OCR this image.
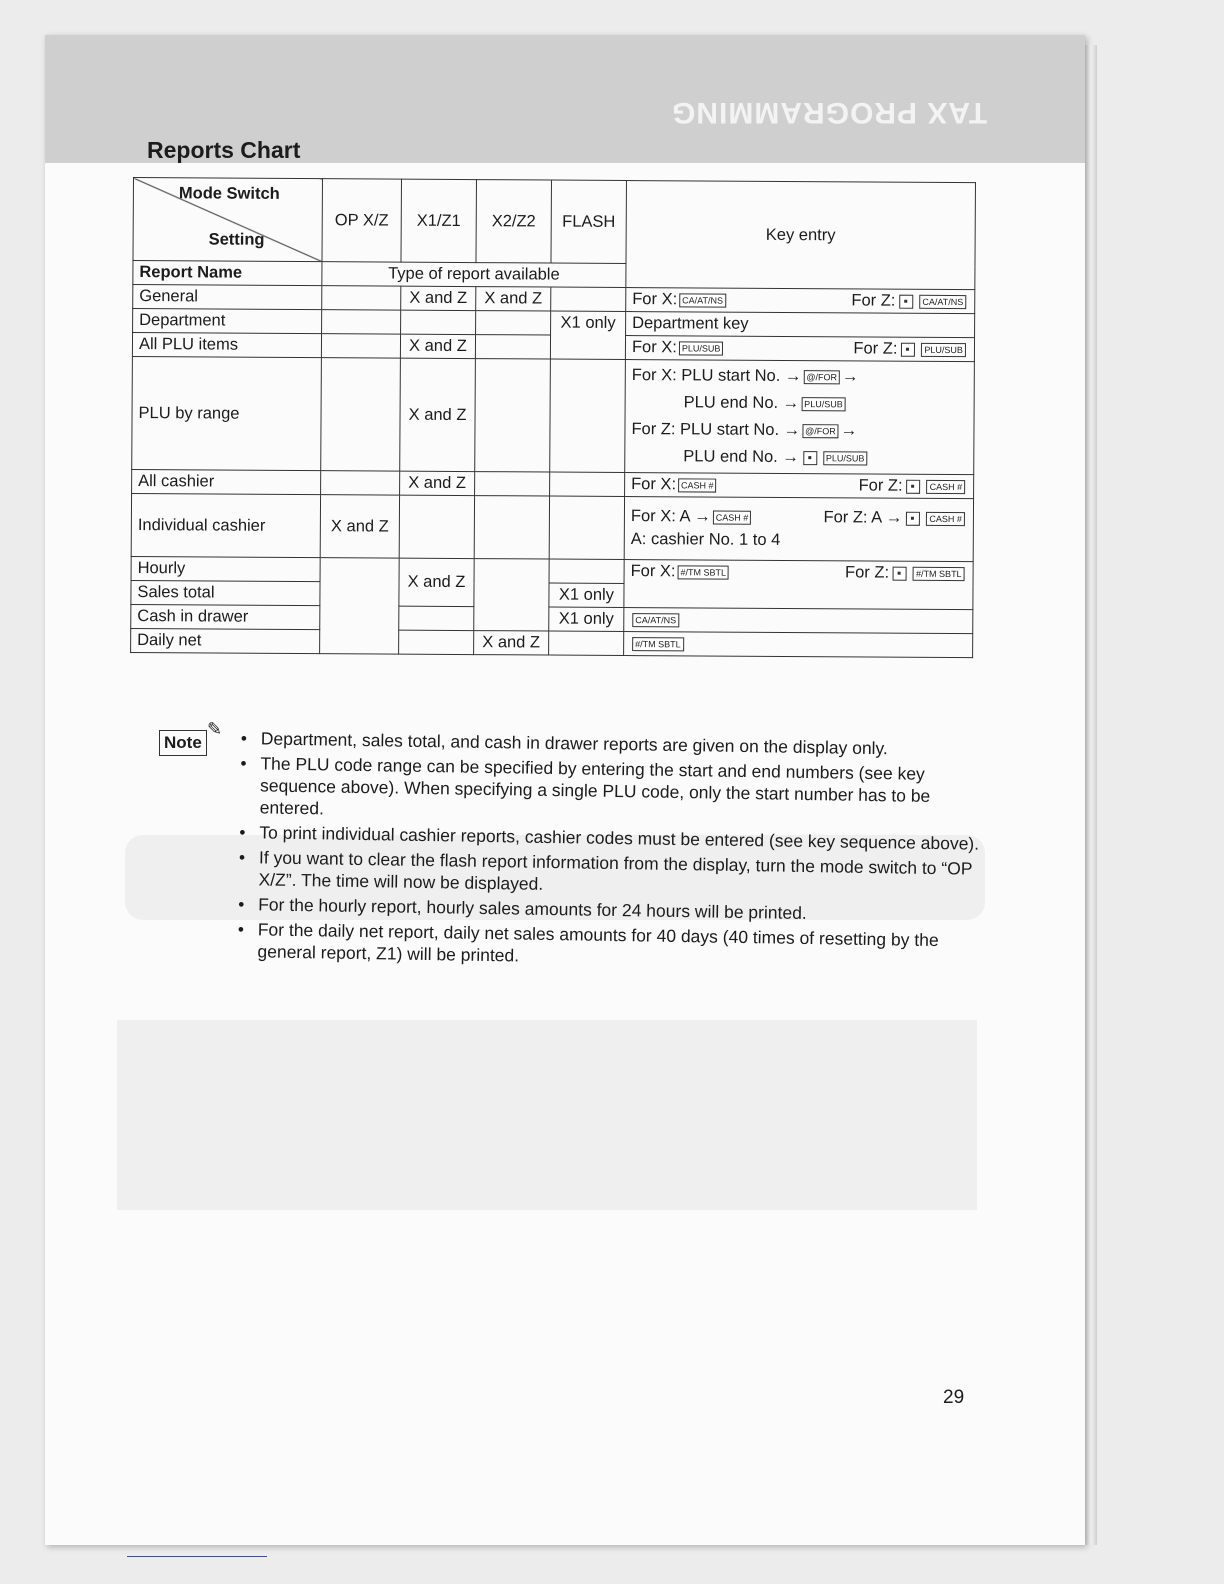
TAX PROGRAMMING
Reports Chart
Mode Switch
Setting	OP X/Z	X1/Z1	X2/Z2	FLASH	Key entry
Report Name	Type of report available				
General		X and Z	X and Z		For X: CA/AT/NS For Z: CA/AT/NS

Department				X1 only	Department key
All PLU items		X and Z			For X: PLU/SUB For Z: PLU/SUB

PLU by range		X and Z			For X: PLU start No. → @/FOR →
PLU end No. → PLU/SUB
For Z: PLU start No. → @/FOR →
PLU end No. → PLU/SUB

All cashier		X and Z			For X: CASH # For Z: CASH #

Individual cashier	X and Z				For X: A → CASH # For Z: A → CASH #
A: cashier No. 1 to 4

Hourly		X and Z			For X: #/TM SBTL For Z: #/TM SBTL

Sales total				X1 only	
Cash in drawer				X1 only	CA/AT/NS
Daily net			X and Z		#/TM SBTL
Note
✎	• Department, sales total, and cash in drawer reports are given on the display only.
• The PLU code range can be specified by entering the start and end numbers (see key sequence above). When specifying a single PLU code, only the start number has to be entered.
• To print individual cashier reports, cashier codes must be entered (see key sequence above).
• If you want to clear the flash report information from the display, turn the mode switch to “OP X/Z”. The time will now be displayed.
• For the hourly report, hourly sales amounts for 24 hours will be printed.
• For the daily net report, daily net sales amounts for 40 days (40 times of resetting by the general report, Z1) will be printed.
29
